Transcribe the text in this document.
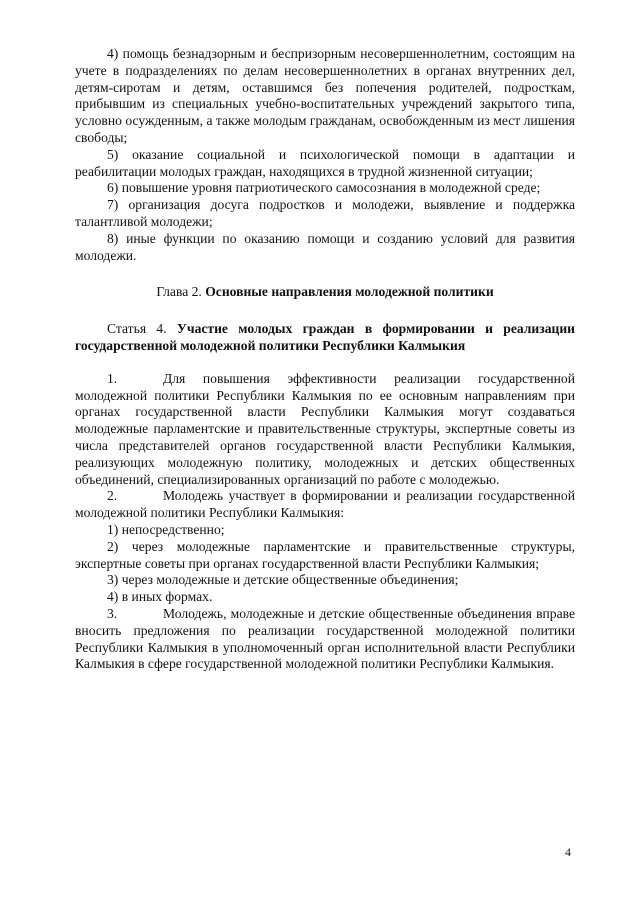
4) помощь безнадзорным и беспризорным несовершеннолетним, состоящим на учете в подразделениях по делам несовершеннолетних в органах внутренних дел, детям-сиротам и детям, оставшимся без попечения родителей, подросткам, прибывшим из специальных учебно-воспитательных учреждений закрытого типа, условно осужденным, а также молодым гражданам, освобожденным из мест лишения свободы;

5) оказание социальной и психологической помощи в адаптации и реабилитации молодых граждан, находящихся в трудной жизненной ситуации;

6) повышение уровня патриотического самосознания в молодежной среде;

7) организация досуга подростков и молодежи, выявление и поддержка талантливой молодежи;

8) иные функции по оказанию помощи и созданию условий для развития молодежи.

Глава 2. Основные направления молодежной политики

Статья 4. Участие молодых граждан в формировании и реализации государственной молодежной политики Республики Калмыкия

1.	Для повышения эффективности реализации государственной молодежной политики Республики Калмыкия по ее основным направлениям при органах государственной власти Республики Калмыкия могут создаваться молодежные парламентские и правительственные структуры, экспертные советы из числа представителей органов государственной власти Республики Калмыкия, реализующих молодежную политику, молодежных и детских общественных объединений, специализированных организаций по работе с молодежью.

2.	Молодежь участвует в формировании и реализации государственной молодежной политики Республики Калмыкия:

1) непосредственно;

2) через молодежные парламентские и правительственные структуры, экспертные советы при органах государственной власти Республики Калмыкия;

3) через молодежные и детские общественные объединения;

4) в иных формах.

3.	Молодежь, молодежные и детские общественные объединения вправе вносить предложения по реализации государственной молодежной политики Республики Калмыкия в уполномоченный орган исполнительной власти Республики Калмыкия в сфере государственной молодежной политики Республики Калмыкия.

4
